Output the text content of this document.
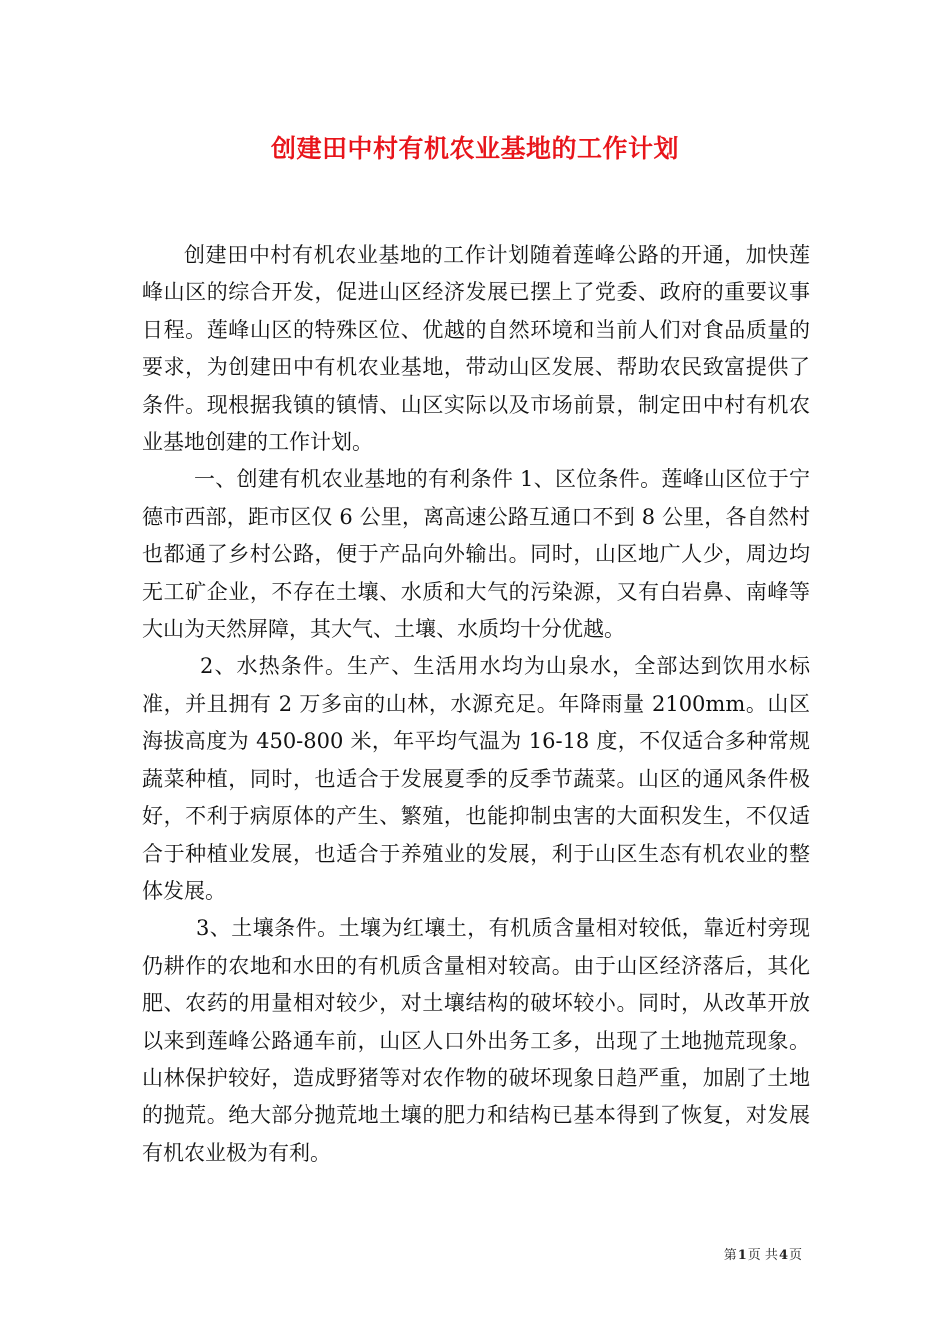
创建田中村有机农业基地的工作计划

创建田中村有机农业基地的工作计划随着莲峰公路的开通，加快莲峰山区的综合开发，促进山区经济发展已摆上了党委、政府的重要议事日程。莲峰山区的特殊区位、优越的自然环境和当前人们对食品质量的要求，为创建田中有机农业基地，带动山区发展、帮助农民致富提供了条件。现根据我镇的镇情、山区实际以及市场前景，制定田中村有机农业基地创建的工作计划。

一、创建有机农业基地的有利条件 1、区位条件。莲峰山区位于宁德市西部，距市区仅 6 公里，离高速公路互通口不到 8 公里，各自然村也都通了乡村公路，便于产品向外输出。同时，山区地广人少，周边均无工矿企业，不存在土壤、水质和大气的污染源，又有白岩鼻、南峰等大山为天然屏障，其大气、土壤、水质均十分优越。

2、水热条件。生产、生活用水均为山泉水，全部达到饮用水标准，并且拥有 2 万多亩的山林，水源充足。年降雨量 2100mm。山区海拔高度为 450-800 米，年平均气温为 16-18 度，不仅适合多种常规蔬菜种植，同时，也适合于发展夏季的反季节蔬菜。山区的通风条件极好，不利于病原体的产生、繁殖，也能抑制虫害的大面积发生，不仅适合于种植业发展，也适合于养殖业的发展，利于山区生态有机农业的整体发展。

3、土壤条件。土壤为红壤土，有机质含量相对较低，靠近村旁现仍耕作的农地和水田的有机质含量相对较高。由于山区经济落后，其化肥、农药的用量相对较少，对土壤结构的破坏较小。同时，从改革开放以来到莲峰公路通车前，山区人口外出务工多，出现了土地抛荒现象。山林保护较好，造成野猪等对农作物的破坏现象日趋严重，加剧了土地的抛荒。绝大部分抛荒地土壤的肥力和结构已基本得到了恢复，对发展有机农业极为有利。

第1页 共4页
